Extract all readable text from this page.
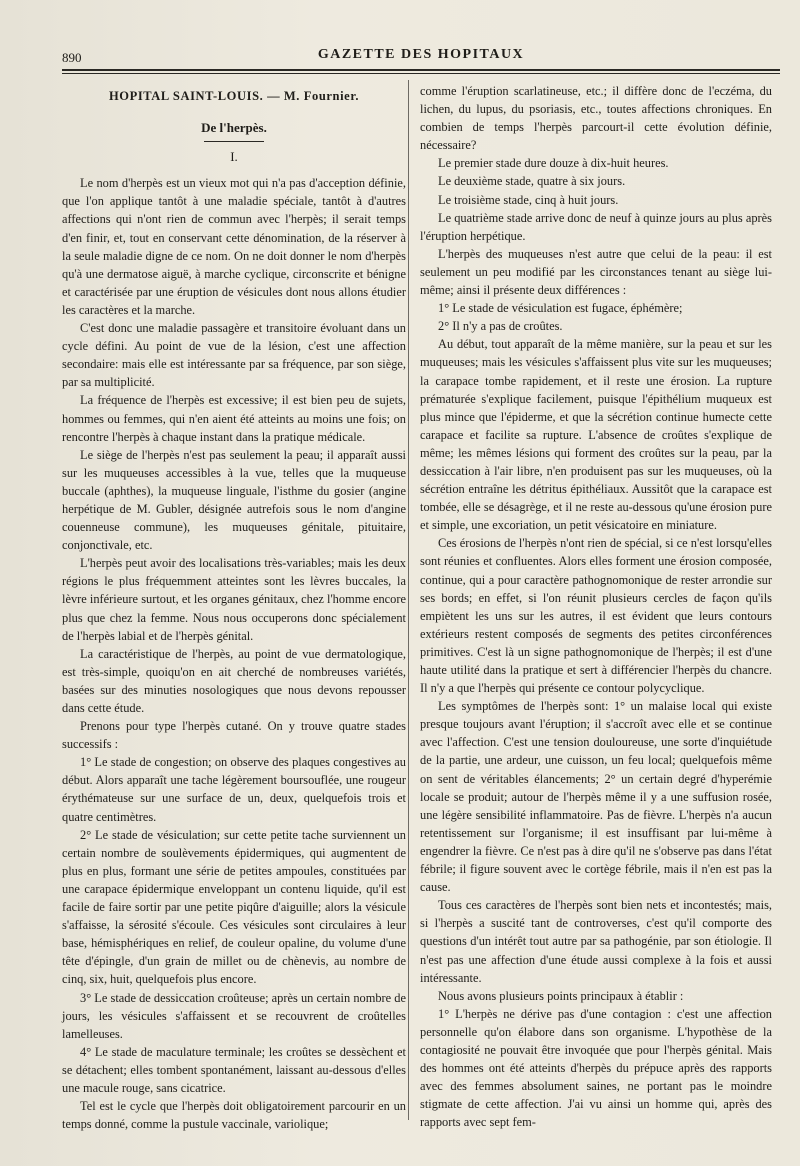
890	GAZETTE DES HOPITAUX
HOPITAL SAINT-LOUIS. — M. Fournier.
De l'herpès.
I.

Le nom d'herpès est un vieux mot qui n'a pas d'acception définie, que l'on applique tantôt à une maladie spéciale, tantôt à d'autres affections qui n'ont rien de commun avec l'herpès; il serait temps d'en finir, et, tout en conservant cette dénomination, de la réserver à la seule maladie digne de ce nom. On ne doit donner le nom d'herpès qu'à une dermatose aiguë, à marche cyclique, circonscrite et bénigne et caractérisée par une éruption de vésicules dont nous allons étudier les caractères et la marche.

C'est donc une maladie passagère et transitoire évoluant dans un cycle défini. Au point de vue de la lésion, c'est une affection secondaire: mais elle est intéressante par sa fréquence, par son siège, par sa multiplicité.

La fréquence de l'herpès est excessive; il est bien peu de sujets, hommes ou femmes, qui n'en aient été atteints au moins une fois; on rencontre l'herpès à chaque instant dans la pratique médicale.

Le siège de l'herpès n'est pas seulement la peau; il apparaît aussi sur les muqueuses accessibles à la vue, telles que la muqueuse buccale (aphthes), la muqueuse linguale, l'isthme du gosier (angine herpétique de M. Gubler, désignée autrefois sous le nom d'angine couenneuse commune), les muqueuses génitale, pituitaire, conjonctivale, etc.

L'herpès peut avoir des localisations très-variables; mais les deux régions le plus fréquemment atteintes sont les lèvres buccales, la lèvre inférieure surtout, et les organes génitaux, chez l'homme encore plus que chez la femme. Nous nous occuperons donc spécialement de l'herpès labial et de l'herpès génital.

La caractéristique de l'herpès, au point de vue dermatologique, est très-simple, quoiqu'on en ait cherché de nombreuses variétés, basées sur des minuties nosologiques que nous devons repousser dans cette étude.

Prenons pour type l'herpès cutané. On y trouve quatre stades successifs :

1° Le stade de congestion; on observe des plaques congestives au début. Alors apparaît une tache légèrement boursouflée, une rougeur érythémateuse sur une surface de un, deux, quelquefois trois et quatre centimètres.

2° Le stade de vésiculation; sur cette petite tache surviennent un certain nombre de soulèvements épidermiques, qui augmentent de plus en plus, formant une série de petites ampoules, constituées par une carapace épidermique enveloppant un contenu liquide, qu'il est facile de faire sortir par une petite piqûre d'aiguille; alors la vésicule s'affaisse, la sérosité s'écoule. Ces vésicules sont circulaires à leur base, hémisphériques en relief, de couleur opaline, du volume d'une tête d'épingle, d'un grain de millet ou de chènevis, au nombre de cinq, six, huit, quelquefois plus encore.

3° Le stade de dessiccation croûteuse; après un certain nombre de jours, les vésicules s'affaissent et se recouvrent de croûtelles lamelleuses.

4° Le stade de maculature terminale; les croûtes se dessèchent et se détachent; elles tombent spontanément, laissant au-dessous d'elles une macule rouge, sans cicatrice.

Tel est le cycle que l'herpès doit obligatoirement parcourir en un temps donné, comme la pustule vaccinale, variolique;

comme l'éruption scarlatineuse, etc.; il diffère donc de l'eczéma, du lichen, du lupus, du psoriasis, etc., toutes affections chroniques. En combien de temps l'herpès parcourt-il cette évolution définie, nécessaire?

Le premier stade dure douze à dix-huit heures.

Le deuxième stade, quatre à six jours.

Le troisième stade, cinq à huit jours.

Le quatrième stade arrive donc de neuf à quinze jours au plus après l'éruption herpétique.

L'herpès des muqueuses n'est autre que celui de la peau: il est seulement un peu modifié par les circonstances tenant au siège lui-même; ainsi il présente deux différences :

1° Le stade de vésiculation est fugace, éphémère;

2° Il n'y a pas de croûtes.

Au début, tout apparaît de la même manière, sur la peau et sur les muqueuses; mais les vésicules s'affaissent plus vite sur les muqueuses; la carapace tombe rapidement, et il reste une érosion. La rupture prématurée s'explique facilement, puisque l'épithélium muqueux est plus mince que l'épiderme, et que la sécrétion continue humecte cette carapace et facilite sa rupture. L'absence de croûtes s'explique de même; les mêmes lésions qui forment des croûtes sur la peau, par la dessiccation à l'air libre, n'en produisent pas sur les muqueuses, où la sécrétion entraîne les détritus épithéliaux. Aussitôt que la carapace est tombée, elle se désagrège, et il ne reste au-dessous qu'une érosion pure et simple, une excoriation, un petit vésicatoire en miniature.

Ces érosions de l'herpès n'ont rien de spécial, si ce n'est lorsqu'elles sont réunies et confluentes. Alors elles forment une érosion composée, continue, qui a pour caractère pathognomonique de rester arrondie sur ses bords; en effet, si l'on réunit plusieurs cercles de façon qu'ils empiètent les uns sur les autres, il est évident que leurs contours extérieurs restent composés de segments des petites circonférences primitives. C'est là un signe pathognomonique de l'herpès; il est d'une haute utilité dans la pratique et sert à différencier l'herpès du chancre. Il n'y a que l'herpès qui présente ce contour polycyclique.

Les symptômes de l'herpès sont: 1° un malaise local qui existe presque toujours avant l'éruption; il s'accroît avec elle et se continue avec l'affection. C'est une tension douloureuse, une sorte d'inquiétude de la partie, une ardeur, une cuisson, un feu local; quelquefois même on sent de véritables élancements; 2° un certain degré d'hyperémie locale se produit; autour de l'herpès même il y a une suffusion rosée, une légère sensibilité inflammatoire. Pas de fièvre. L'herpès n'a aucun retentissement sur l'organisme; il est insuffisant par lui-même à engendrer la fièvre. Ce n'est pas à dire qu'il ne s'observe pas dans l'état fébrile; il figure souvent avec le cortège fébrile, mais il n'en est pas la cause.

Tous ces caractères de l'herpès sont bien nets et incontestés; mais, si l'herpès a suscité tant de controverses, c'est qu'il comporte des questions d'un intérêt tout autre par sa pathogénie, par son étiologie. Il n'est pas une affection d'une étude aussi complexe à la fois et aussi intéressante.

Nous avons plusieurs points principaux à établir :

1° L'herpès ne dérive pas d'une contagion : c'est une affection personnelle qu'on élabore dans son organisme. L'hypothèse de la contagiosité ne pouvait être invoquée que pour l'herpès génital. Mais des hommes ont été atteints d'herpès du prépuce après des rapports avec des femmes absolument saines, ne portant pas le moindre stigmate de cette affection. J'ai vu ainsi un homme qui, après des rapports avec sept fem-
